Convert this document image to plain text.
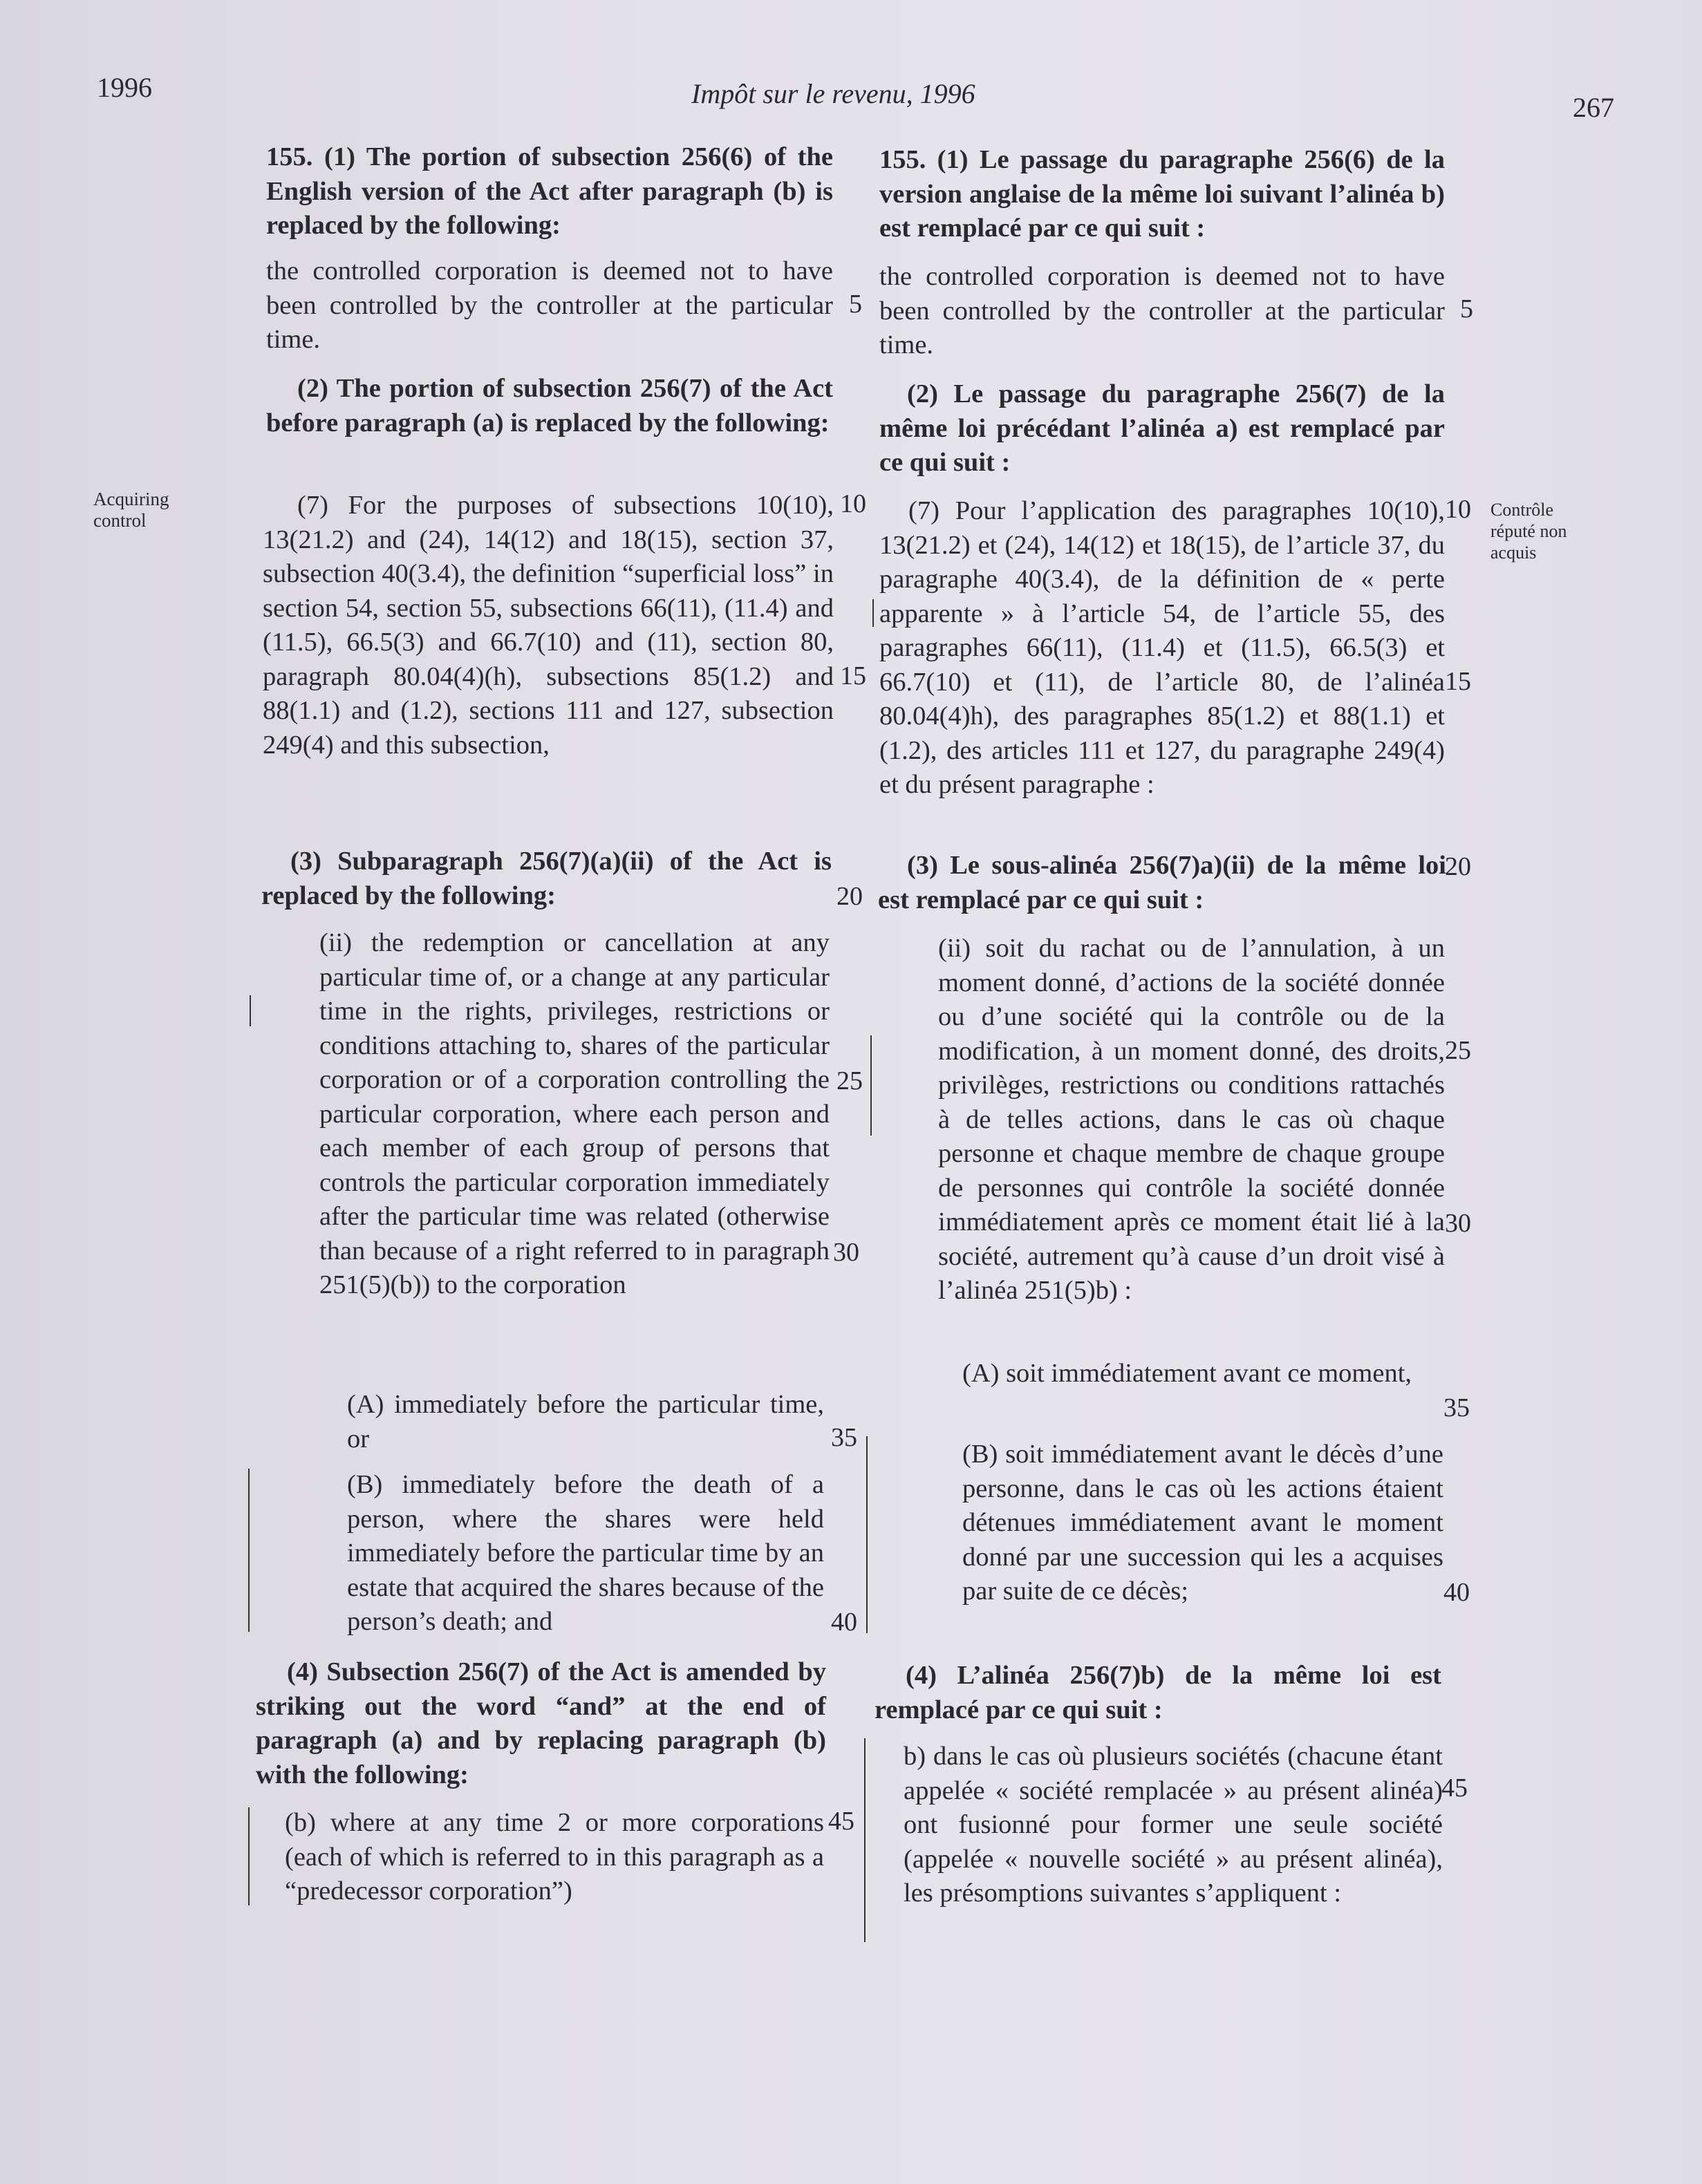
1996	Impôt sur le revenu, 1996	267
Acquiring
control
Contrôle
réputé non
acquis
155. (1) The portion of subsection 256(6) of the English version of the Act after paragraph (b) is replaced by the following:
the controlled corporation is deemed not to have been controlled by the controller at the particular time.
(2) The portion of subsection 256(7) of the Act before paragraph (a) is replaced by the following:
(7) For the purposes of subsections 10(10), 13(21.2) and (24), 14(12) and 18(15), section 37, subsection 40(3.4), the definition “superficial loss” in section 54, section 55, subsections 66(11), (11.4) and (11.5), 66.5(3) and 66.7(10) and (11), section 80, paragraph 80.04(4)(h), subsections 85(1.2) and 88(1.1) and (1.2), sections 111 and 127, subsection 249(4) and this subsection,
(3) Subparagraph 256(7)(a)(ii) of the Act is replaced by the following:
(ii) the redemption or cancellation at any particular time of, or a change at any particular time in the rights, privileges, restrictions or conditions attaching to, shares of the particular corporation or of a corporation controlling the particular corporation, where each person and each member of each group of persons that controls the particular corporation immediately after the particular time was related (otherwise than because of a right referred to in paragraph 251(5)(b)) to the corporation
(A) immediately before the particular time, or
(B) immediately before the death of a person, where the shares were held immediately before the particular time by an estate that acquired the shares because of the person’s death; and
(4) Subsection 256(7) of the Act is amended by striking out the word “and” at the end of paragraph (a) and by replacing paragraph (b) with the following:
(b) where at any time 2 or more corporations (each of which is referred to in this paragraph as a “predecessor corporation”)
155. (1) Le passage du paragraphe 256(6) de la version anglaise de la même loi suivant l’alinéa b) est remplacé par ce qui suit :
the controlled corporation is deemed not to have been controlled by the controller at the particular time.
(2) Le passage du paragraphe 256(7) de la même loi précédant l’alinéa a) est remplacé par ce qui suit :
(7) Pour l’application des paragraphes 10(10), 13(21.2) et (24), 14(12) et 18(15), de l’article 37, du paragraphe 40(3.4), de la définition de « perte apparente » à l’article 54, de l’article 55, des paragraphes 66(11), (11.4) et (11.5), 66.5(3) et 66.7(10) et (11), de l’article 80, de l’alinéa 80.04(4)h), des paragraphes 85(1.2) et 88(1.1) et (1.2), des articles 111 et 127, du paragraphe 249(4) et du présent paragraphe :
(3) Le sous-alinéa 256(7)a)(ii) de la même loi est remplacé par ce qui suit :
(ii) soit du rachat ou de l’annulation, à un moment donné, d’actions de la société donnée ou d’une société qui la contrôle ou de la modification, à un moment donné, des droits, privilèges, restrictions ou conditions rattachés à de telles actions, dans le cas où chaque personne et chaque membre de chaque groupe de personnes qui contrôle la société donnée immédiatement après ce moment était lié à la société, autrement qu’à cause d’un droit visé à l’alinéa 251(5)b) :
(A) soit immédiatement avant ce moment,
(B) soit immédiatement avant le décès d’une personne, dans le cas où les actions étaient détenues immédiatement avant le moment donné par une succession qui les a acquises par suite de ce décès;
(4) L’alinéa 256(7)b) de la même loi est remplacé par ce qui suit :
b) dans le cas où plusieurs sociétés (chacune étant appelée « société remplacée » au présent alinéa) ont fusionné pour former une seule société (appelée « nouvelle société » au présent alinéa), les présomptions suivantes s’appliquent :
5
10
15
20
25
30
35
40
45
5
10
15
20
25
30
35
40
45
